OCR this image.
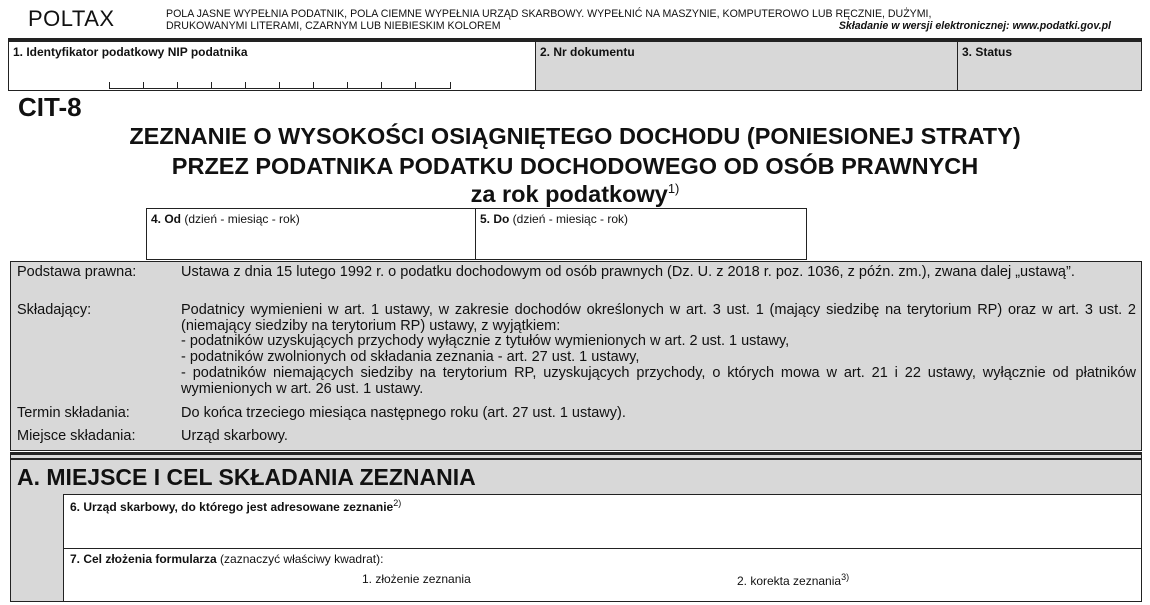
POLTAX	POLA JASNE WYPEŁNIA PODATNIK, POLA CIEMNE WYPEŁNIA URZĄD SKARBOWY. WYPEŁNIĆ NA MASZYNIE, KOMPUTEROWO LUB RĘCZNIE, DUŻYMI,
DRUKOWANYMI LITERAMI, CZARNYM LUB NIEBIESKIM KOLOREM	Składanie w wersji elektronicznej: www.podatki.gov.pl
1. Identyfikator podatkowy NIP podatnika	2. Nr dokumentu	3. Status
CIT-8
ZEZNANIE O WYSOKOŚCI OSIĄGNIĘTEGO DOCHODU (PONIESIONEJ STRATY)
PRZEZ PODATNIKA PODATKU DOCHODOWEGO OD OSÓB PRAWNYCH
za rok podatkowy$^{1)}$
4. Od (dzień - miesiąc - rok)	5. Do (dzień - miesiąc - rok)
Podstawa prawna:	Ustawa z dnia 15 lutego 1992 r. o podatku dochodowym od osób prawnych (Dz. U. z 2018 r. poz. 1036, z późn. zm.), zwana dalej „ustawą”.
Składający:	Podatnicy wymienieni w art. 1 ustawy, w zakresie dochodów określonych w art. 3 ust. 1 (mający siedzibę na terytorium RP) oraz w art. 3 ust. 2 (niemający siedziby na terytorium RP) ustawy, z wyjątkiem:
- podatników uzyskujących przychody wyłącznie z tytułów wymienionych w art. 2 ust. 1 ustawy,
- podatników zwolnionych od składania zeznania - art. 27 ust. 1 ustawy,
- podatników niemających siedziby na terytorium RP, uzyskujących przychody, o których mowa w art. 21 i 22 ustawy, wyłącznie od płatników wymienionych w art. 26 ust. 1 ustawy.
Termin składania:	Do końca trzeciego miesiąca następnego roku (art. 27 ust. 1 ustawy).
Miejsce składania:	Urząd skarbowy.
A. MIEJSCE I CEL SKŁADANIA ZEZNANIA
6. Urząd skarbowy, do którego jest adresowane zeznanie$^{2)}$
7. Cel złożenia formularza (zaznaczyć właściwy kwadrat):
1. złożenie zeznania	2. korekta zeznania$^{3)}$
